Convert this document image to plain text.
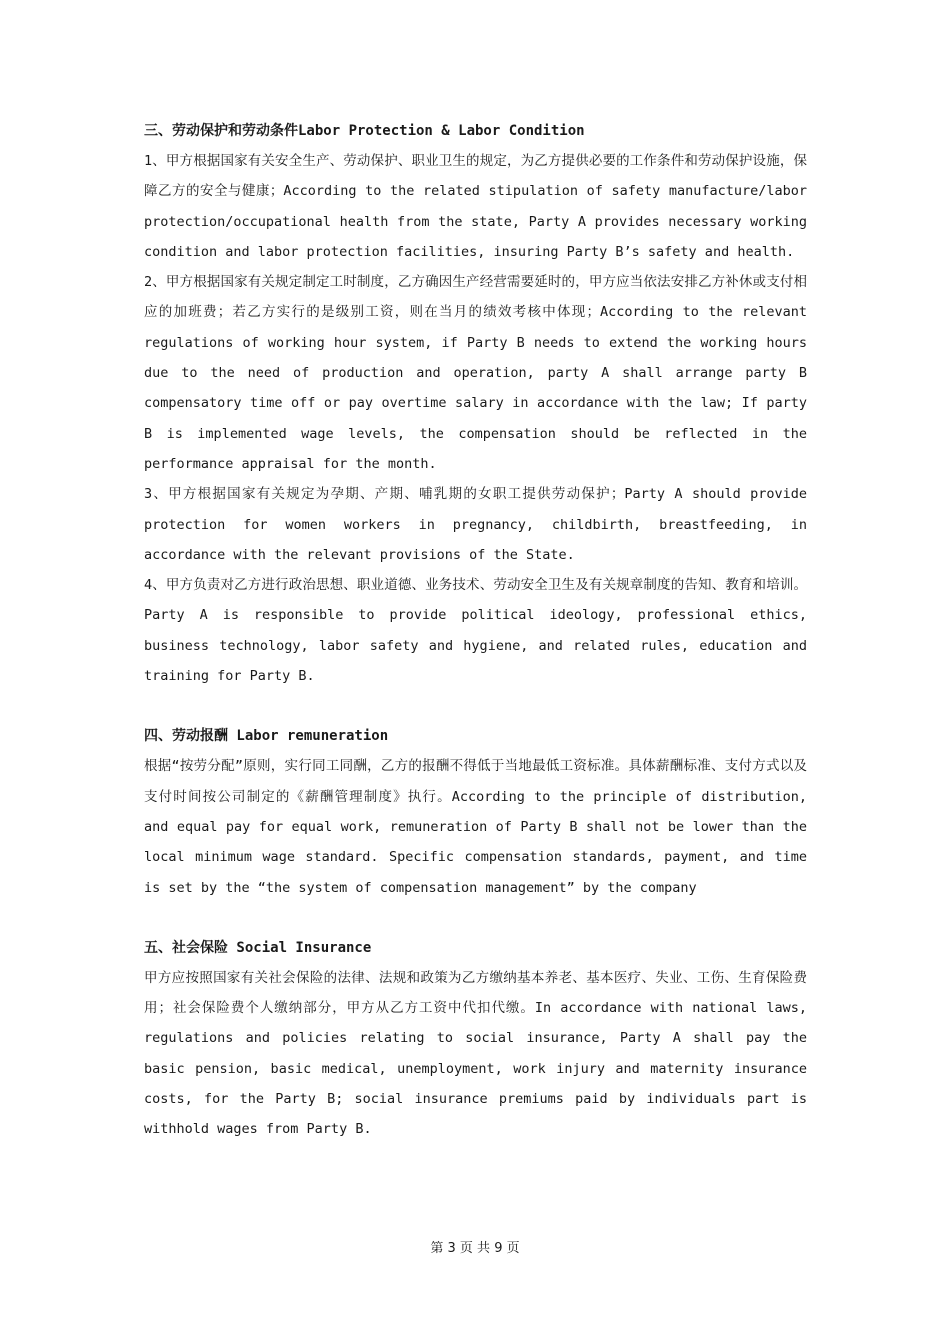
三、劳动保护和劳动条件Labor Protection & Labor Condition

1、甲方根据国家有关安全生产、劳动保护、职业卫生的规定，为乙方提供必要的工作条件和劳动保护设施，保障乙方的安全与健康；According to the related stipulation of safety manufacture/labor protection/occupational health from the state, Party A provides necessary working condition and labor protection facilities, insuring Party B’s safety and health.

2、甲方根据国家有关规定制定工时制度，乙方确因生产经营需要延时的，甲方应当依法安排乙方补休或支付相应的加班费；若乙方实行的是级别工资，则在当月的绩效考核中体现；According to the relevant regulations of working hour system, if Party B needs to extend the working hours due to the need of production and operation, party A shall arrange party B compensatory time off or pay overtime salary in accordance with the law; If party B is implemented wage levels, the compensation should be reflected in the performance appraisal for the month.

3、甲方根据国家有关规定为孕期、产期、哺乳期的女职工提供劳动保护；Party A should provide protection for women workers in pregnancy, childbirth, breastfeeding, in accordance with the relevant provisions of the State.

4、甲方负责对乙方进行政治思想、职业道德、业务技术、劳动安全卫生及有关规章制度的告知、教育和培训。Party A is responsible to provide political ideology, professional ethics, business technology, labor safety and hygiene, and related rules, education and training for Party B.

四、劳动报酬 Labor remuneration

根据“按劳分配”原则，实行同工同酬，乙方的报酬不得低于当地最低工资标准。具体薪酬标准、支付方式以及支付时间按公司制定的《薪酬管理制度》执行。According to the principle of distribution, and equal pay for equal work, remuneration of Party B shall not be lower than the local minimum wage standard. Specific compensation standards, payment, and time is set by the “the system of compensation management” by the company

五、社会保险 Social Insurance

甲方应按照国家有关社会保险的法律、法规和政策为乙方缴纳基本养老、基本医疗、失业、工伤、生育保险费用；社会保险费个人缴纳部分，甲方从乙方工资中代扣代缴。In accordance with national laws, regulations and policies relating to social insurance, Party A shall pay the basic pension, basic medical, unemployment, work injury and maternity insurance costs, for the Party B; social insurance premiums paid by individuals part is withhold wages from Party B.

第 3 页 共 9 页
